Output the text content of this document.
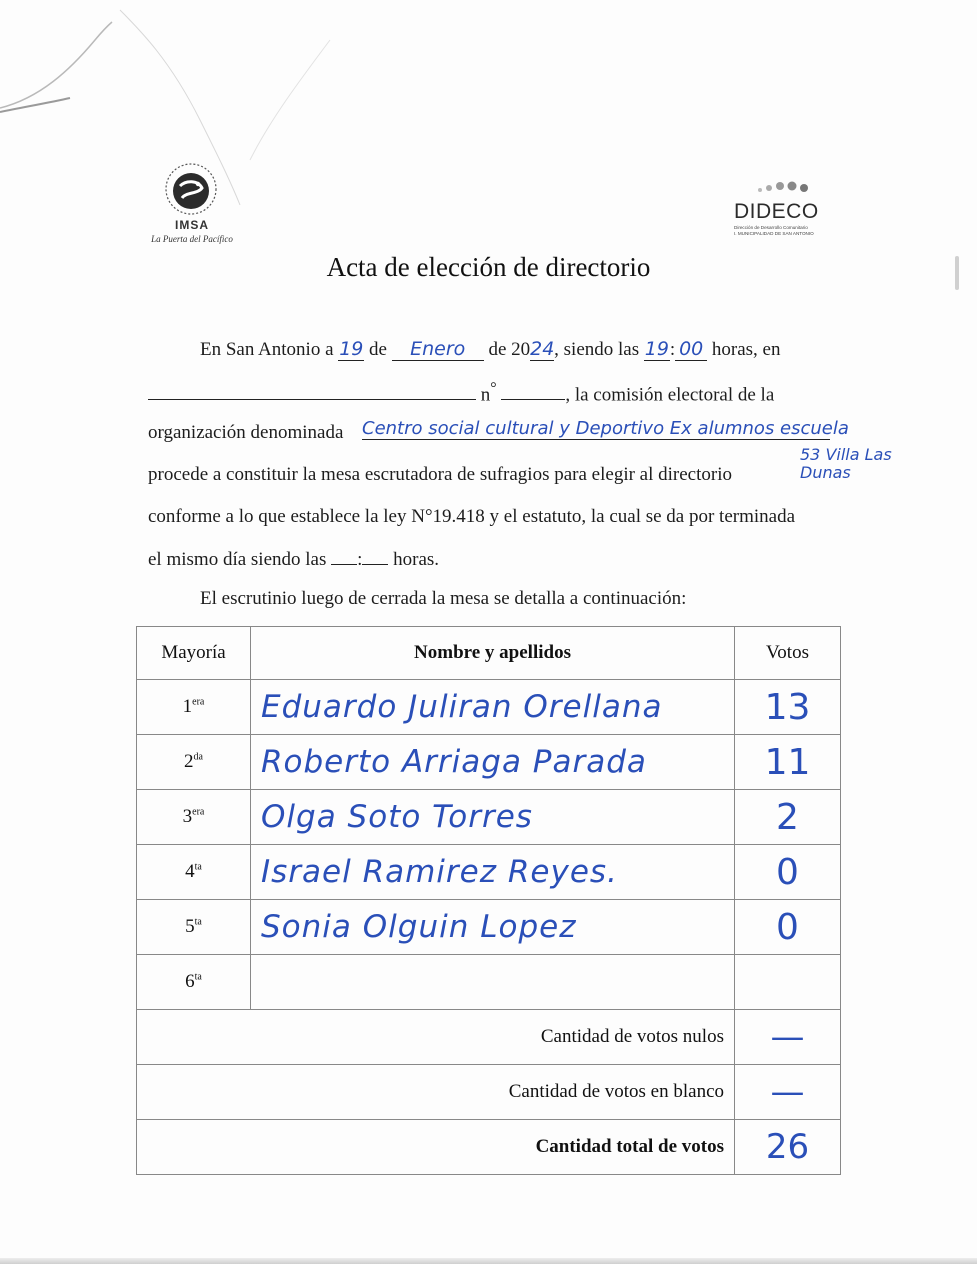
IMSA
La Puerta del Pacífico
DIDECO
Dirección de Desarrollo Comunitario
I. MUNICIPALIDAD DE SAN ANTONIO
Acta de elección de directorio
En San Antonio a 19 de Enero de 2024, siendo las 19: 00 horas, en
n°	, la comisión electoral de la
organización denominada	Centro social cultural y Deportivo Ex alumnos escuela
53 Villa Las Dunas
procede a constituir la mesa escrutadora de sufragios para elegir al directorio
conforme a lo que establece la ley N°19.418 y el estatuto, la cual se da por terminada
el mismo día siendo las : horas.
El escrutinio luego de cerrada la mesa se detalla a continuación:
Mayoría	Nombre y apellidos	Votos
$1^{era}$	Eduardo Juliran Orellana	13
$2^{da}$	Roberto Arriaga Parada	11
$3^{era}$	Olga Soto Torres	2
$4^{ta}$	Israel Ramirez Reyes.	0
$5^{ta}$	Sonia Olguin Lopez	0
$6^{ta}$		
Cantidad de votos nulos		—
Cantidad de votos en blanco		—
Cantidad total de votos		26
